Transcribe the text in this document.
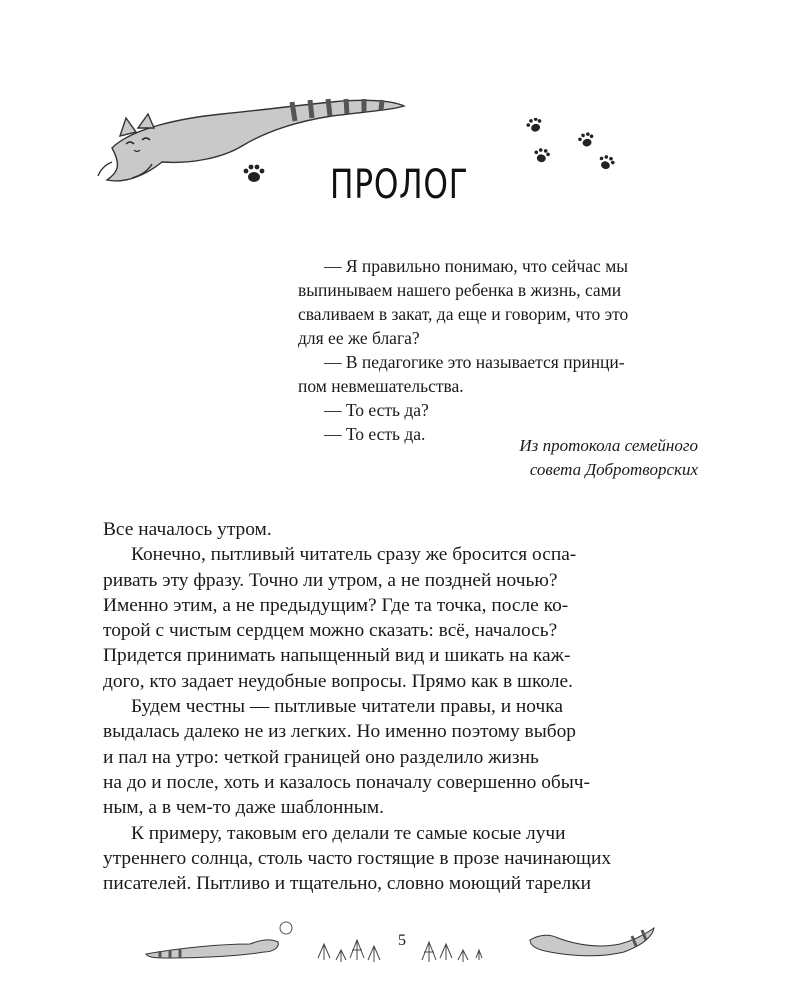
ПРОЛОГ

— Я правильно понимаю, что сейчас мы

выпинываем нашего ребенка в жизнь, сами

сваливаем в закат, да еще и говорим, что это

для ее же блага?

— В педагогике это называется принци-

пом невмешательства.

— То есть да?

— То есть да.

Из протокола семейного

совета Добротворских

Все началось утром.
Конечно, пытливый читатель сразу же бросится оспа-
ривать эту фразу. Точно ли утром, а не поздней ночью?
Именно этим, а не предыдущим? Где та точка, после ко-
торой с чистым сердцем можно сказать: всё, началось?
Придется принимать напыщенный вид и шикать на каж-
дого, кто задает неудобные вопросы. Прямо как в школе.
Будем честны — пытливые читатели правы, и ночка
выдалась далеко не из легких. Но именно поэтому выбор
и пал на утро: четкой границей оно разделило жизнь
на до и после, хоть и казалось поначалу совершенно обыч-
ным, а в чем-то даже шаблонным.
К примеру, таковым его делали те самые косые лучи
утреннего солнца, столь часто гостящие в прозе начинающих
писателей. Пытливо и тщательно, словно моющий тарелки
5
